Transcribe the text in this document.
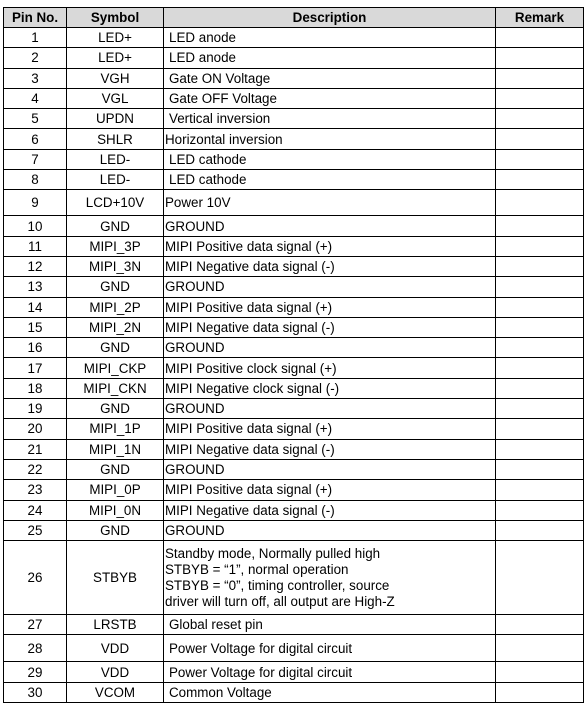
Pin No.	Symbol	Description	Remark
1	LED+	LED anode	
2	LED+	LED anode	
3	VGH	Gate ON Voltage	
4	VGL	Gate OFF Voltage	
5	UPDN	Vertical inversion	
6	SHLR	Horizontal inversion	
7	LED-	LED cathode	
8	LED-	LED cathode	
9	LCD+10V	Power 10V	
10	GND	GROUND	
11	MIPI_3P	MIPI Positive data signal (+)	
12	MIPI_3N	MIPI Negative data signal (-)	
13	GND	GROUND	
14	MIPI_2P	MIPI Positive data signal (+)	
15	MIPI_2N	MIPI Negative data signal (-)	
16	GND	GROUND	
17	MIPI_CKP	MIPI Positive clock signal (+)	
18	MIPI_CKN	MIPI Negative clock signal (-)	
19	GND	GROUND	
20	MIPI_1P	MIPI Positive data signal (+)	
21	MIPI_1N	MIPI Negative data signal (-)	
22	GND	GROUND	
23	MIPI_0P	MIPI Positive data signal (+)	
24	MIPI_0N	MIPI Negative data signal (-)	
25	GND	GROUND	
26	STBYB	Standby mode, Normally pulled high
STBYB = “1”, normal operation
STBYB = “0”, timing controller, source
driver will turn off, all output are High-Z	

27	LRSTB	Global reset pin	
28	VDD	Power Voltage for digital circuit	
29	VDD	Power Voltage for digital circuit	
30	VCOM	Common Voltage	
